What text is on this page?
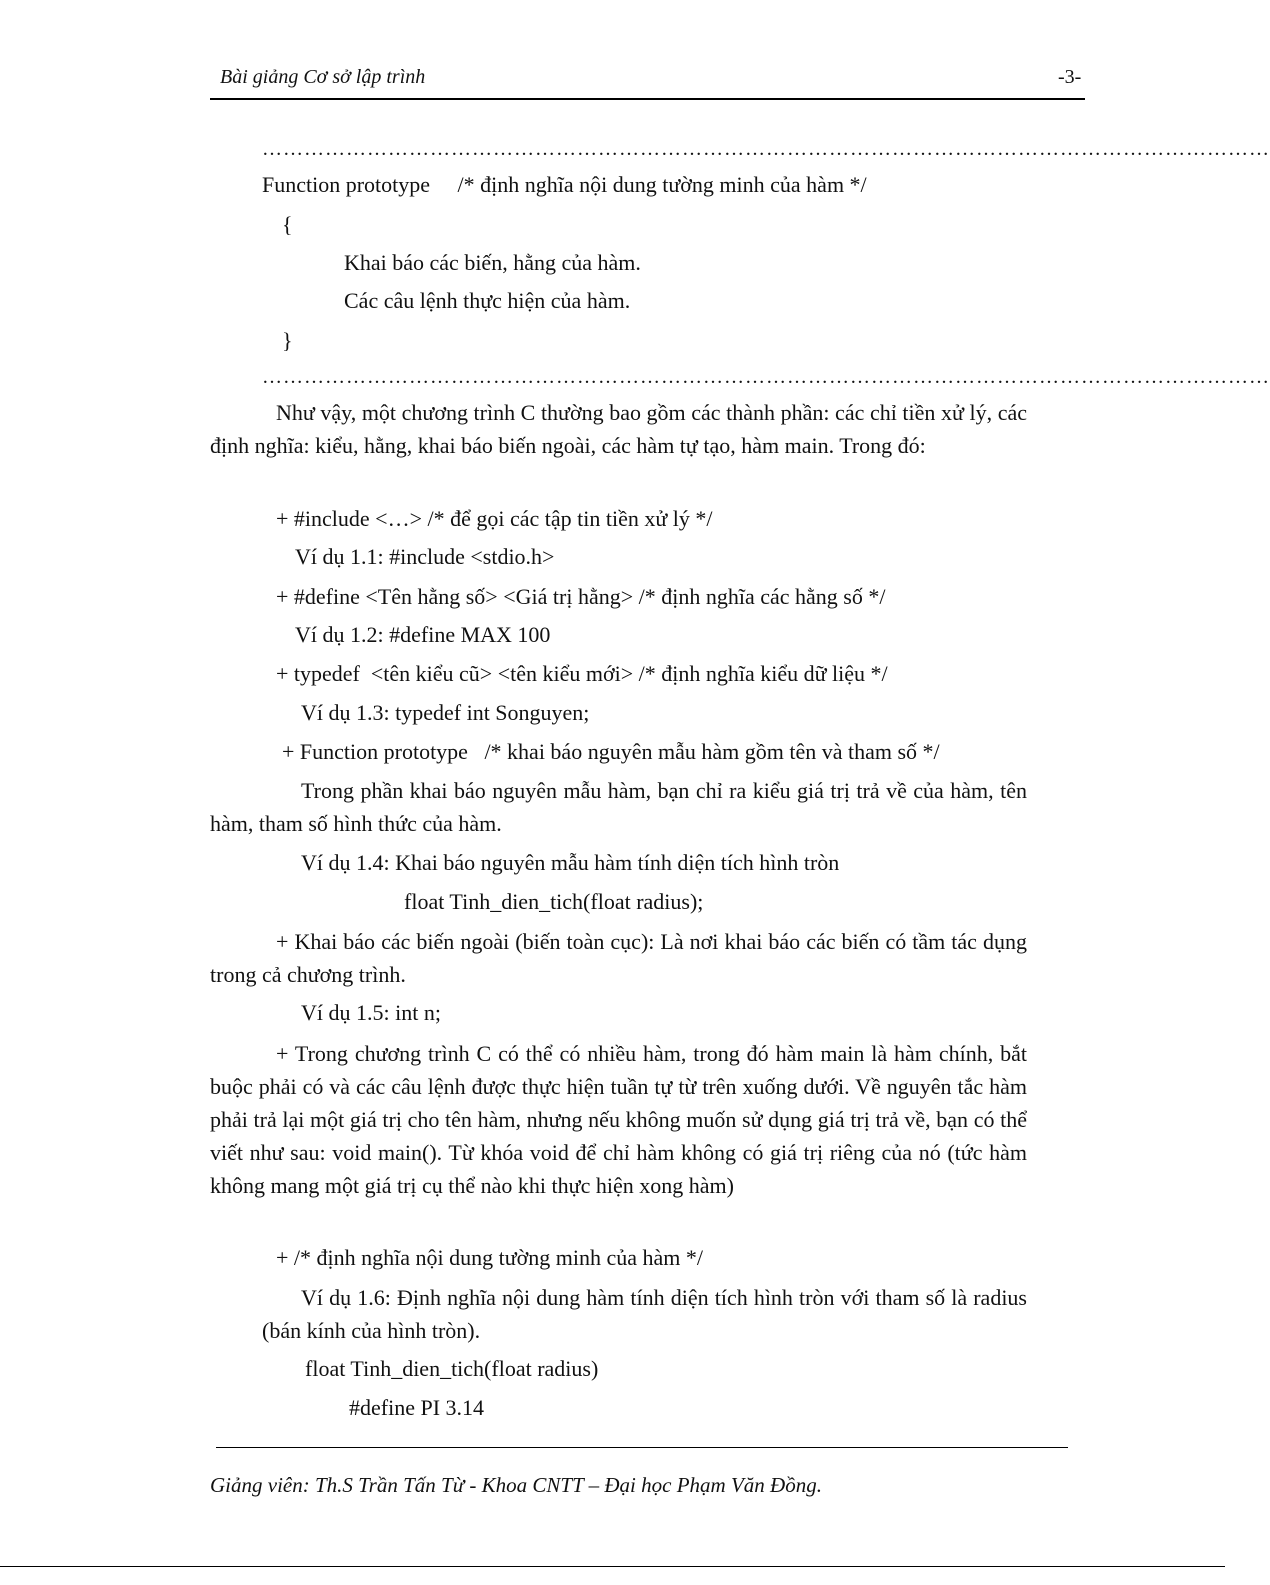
Bài giảng Cơ sở lập trình	-3-
………………………………………………………………………………………………………………………………
Function prototype     /* định nghĩa nội dung tường minh của hàm */
{
Khai báo các biến, hằng của hàm.
Các câu lệnh thực hiện của hàm.
}
………………………………………………………………………………………………………………………………
Như vậy, một chương trình C thường bao gồm các thành phần: các chỉ tiền xử lý, các định nghĩa: kiểu, hằng, khai báo biến ngoài, các hàm tự tạo, hàm main. Trong đó:
+ #include <…> /* để gọi các tập tin tiền xử lý */
Ví dụ 1.1: #include <stdio.h>
+ #define <Tên hằng số> <Giá trị hằng> /* định nghĩa các hằng số */
Ví dụ 1.2: #define MAX 100
+ typedef  <tên kiểu cũ> <tên kiểu mới> /* định nghĩa kiểu dữ liệu */
Ví dụ 1.3: typedef int Songuyen;
+ Function prototype   /* khai báo nguyên mẫu hàm gồm tên và tham số */
Trong phần khai báo nguyên mẫu hàm, bạn chỉ ra kiểu giá trị trả về của hàm, tên hàm, tham số hình thức của hàm.
Ví dụ 1.4: Khai báo nguyên mẫu hàm tính diện tích hình tròn
float Tinh_dien_tich(float radius);
+ Khai báo các biến ngoài (biến toàn cục): Là nơi khai báo các biến có tầm tác dụng trong cả chương trình.
Ví dụ 1.5: int n;
+ Trong chương trình C có thể có nhiều hàm, trong đó hàm main là hàm chính, bắt buộc phải có và các câu lệnh được thực hiện tuần tự từ trên xuống dưới. Về nguyên tắc hàm phải trả lại một giá trị cho tên hàm, nhưng nếu không muốn sử dụng giá trị trả về, bạn có thể viết như sau: void main(). Từ khóa void để chỉ hàm không có giá trị riêng của nó (tức hàm không mang một giá trị cụ thể nào khi thực hiện xong hàm)
+ /* định nghĩa nội dung tường minh của hàm */
Ví dụ 1.6: Định nghĩa nội dung hàm tính diện tích hình tròn với tham số là radius (bán kính của hình tròn).
float Tinh_dien_tich(float radius)
#define PI 3.14
Giảng viên: Th.S Trần Tấn Từ - Khoa CNTT – Đại học Phạm Văn Đồng.
